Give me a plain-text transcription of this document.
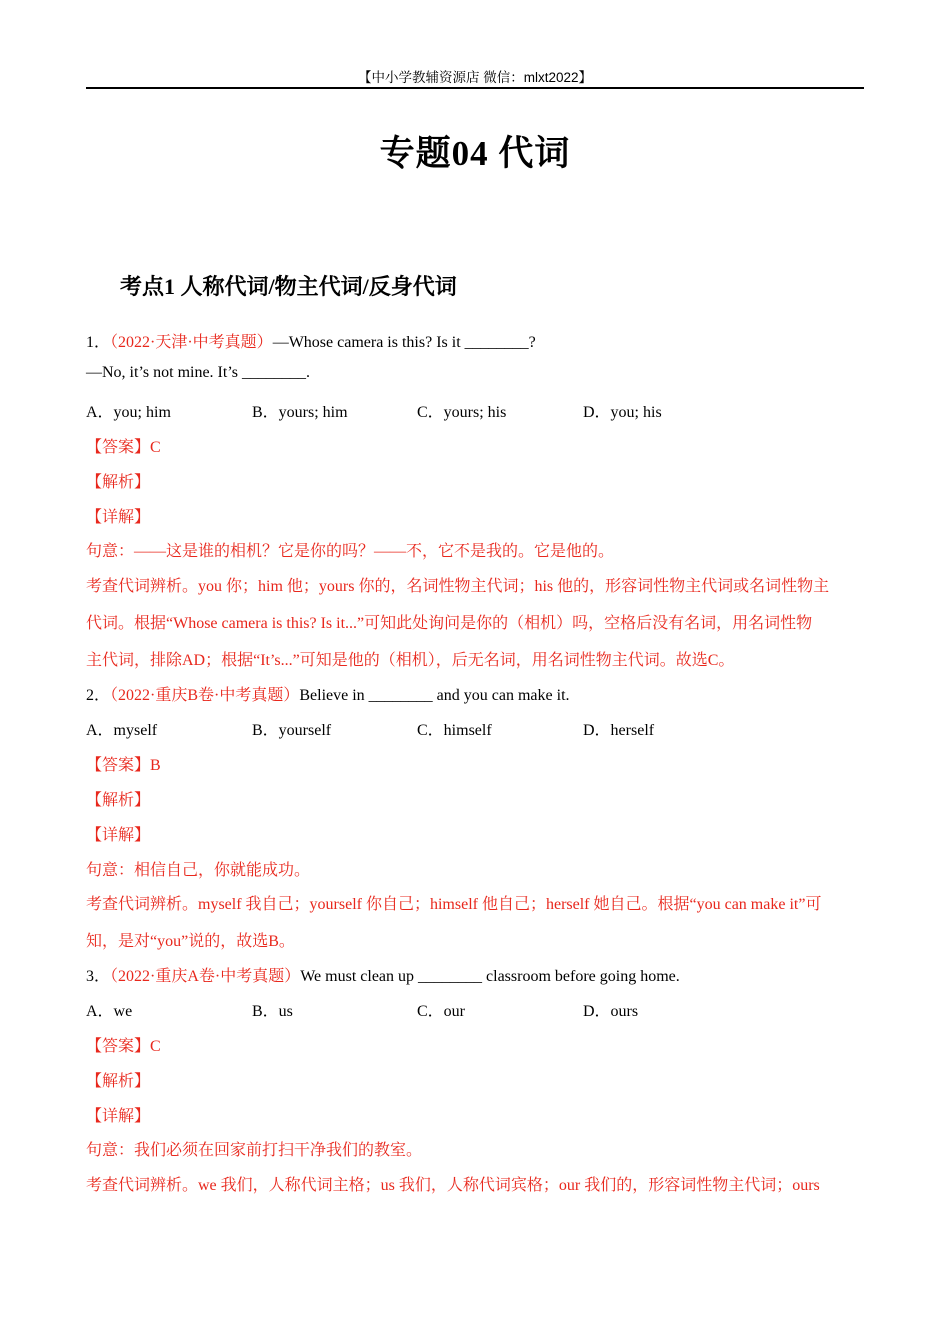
【中小学教辅资源店 微信：mlxt2022】
专题04 代词
考点1 人称代词/物主代词/反身代词
1．（2022·天津·中考真题）—Whose camera is this? Is it ________?
—No, it’s not mine. It’s ________.
A．you; him	B．yours; him	C．yours; his	D．you; his
【答案】C
【解析】
【详解】
句意：——这是谁的相机？它是你的吗？——不，它不是我的。它是他的。
考查代词辨析。you 你；him 他；yours 你的，名词性物主代词；his 他的，形容词性物主代词或名词性物主
代词。根据“Whose camera is this? Is it...”可知此处询问是你的（相机）吗，空格后没有名词，用名词性物
主代词，排除AD；根据“It’s...”可知是他的（相机），后无名词，用名词性物主代词。故选C。
2．（2022·重庆B卷·中考真题）Believe in ________ and you can make it.
A．myself	B．yourself	C．himself	D．herself
【答案】B
【解析】
【详解】
句意：相信自己，你就能成功。
考查代词辨析。myself 我自己；yourself 你自己；himself 他自己；herself 她自己。根据“you can make it”可
知，是对“you”说的，故选B。
3．（2022·重庆A卷·中考真题）We must clean up ________ classroom before going home.
A．we	B．us	C．our	D．ours
【答案】C
【解析】
【详解】
句意：我们必须在回家前打扫干净我们的教室。
考查代词辨析。we 我们，人称代词主格；us 我们，人称代词宾格；our 我们的，形容词性物主代词；ours
